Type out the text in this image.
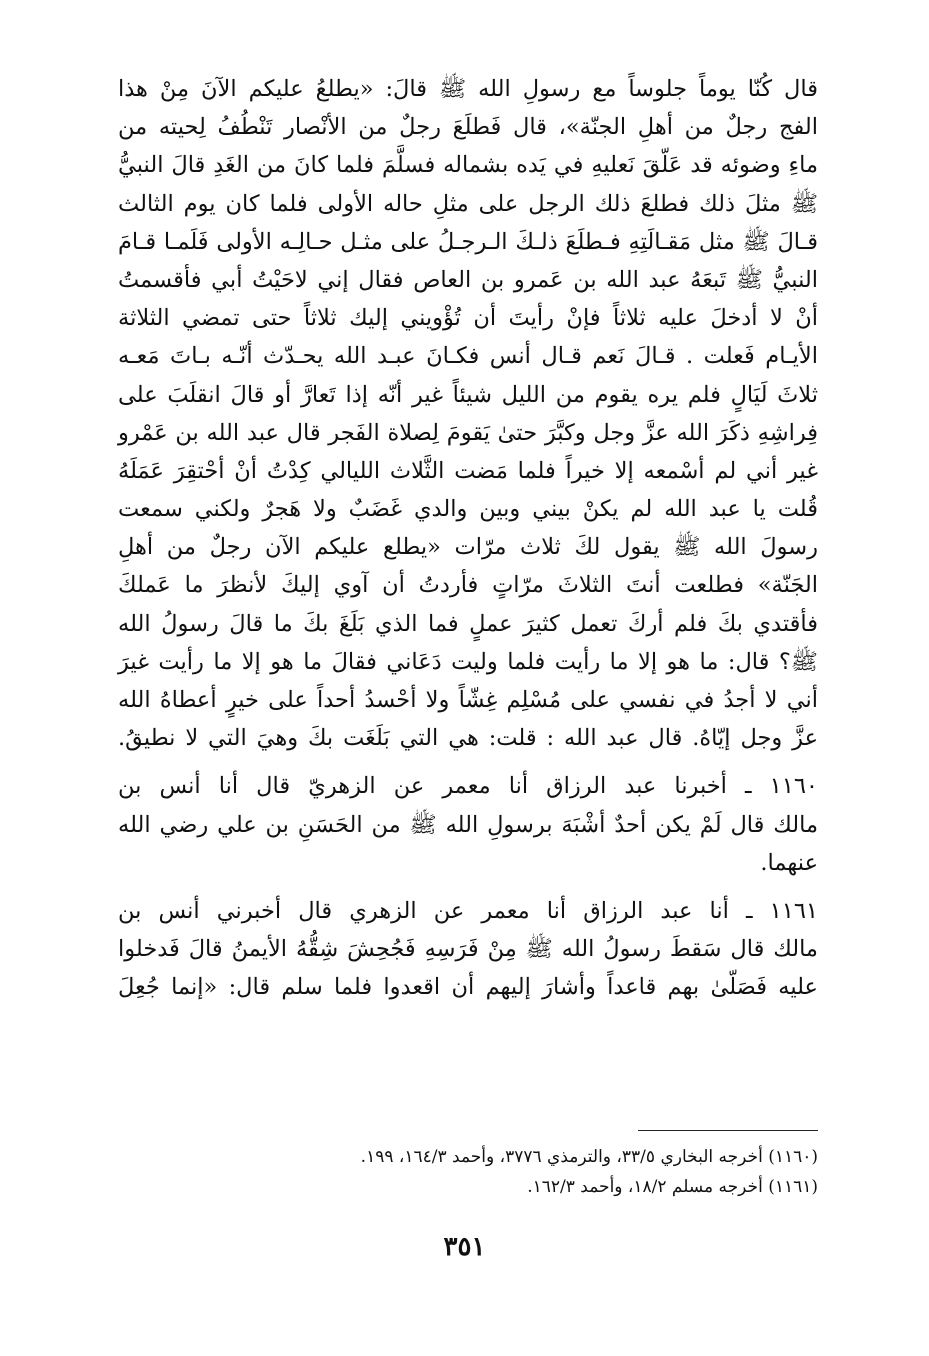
قال كُنّا يوماً جلوساً مع رسولِ الله ﷺ قالَ: «يطلعُ عليكم الآنَ مِنْ هذا
الفج رجلٌ من أهلِ الجنّة»، قال فَطلَعَ رجلٌ من الأنْصار تَنْطُفُ لِحيته من
ماءِ وضوئه قد عَلّقَ نَعليهِ في يَده بشماله فسلَّمَ فلما كانَ من الغَدِ قالَ النبيُّ
ﷺ مثلَ ذلك فطلعَ ذلك الرجل على مثلِ حاله الأولى فلما كان يوم الثالث
قـالَ ﷺ مثل مَقـالَتِهِ فـطلَعَ ذلـكَ الـرجـلُ على مثـل حـالِـه الأولى فَلَمـا قـامَ
النبيُّ ﷺ تَبعَهُ عبد الله بن عَمرو بن العاص فقال إني لاحَيْتُ أبي فأقسمتُ
أنْ لا أدخلَ عليه ثلاثاً فإنْ رأيتَ أن تُؤْويني إليك ثلاثاً حتى تمضي الثلاثة
الأيـام فَعلت . قـالَ نَعم قـال أنس فكـانَ عبـد الله يحـدّث أنّـه بـاتَ مَعـه
ثلاثَ لَيَالٍ فلم يره يقوم من الليل شيئاً غير أنّه إذا تَعارَّ أو قالَ انقلَبَ على
فِراشِهِ ذكَرَ الله عزَّ وجل وكبَّرَ حتىٰ يَقومَ لِصلاة الفَجر قال عبد الله بن عَمْرو
غير أني لم أسْمعه إلا خيراً فلما مَضت الثَّلاث الليالي كِدْتُ أنْ أحْتقِرَ عَمَلَهُ
قُلت يا عبد الله لم يكنْ بيني وبين والدي غَضَبٌ ولا هَجرٌ ولكني سمعت
رسولَ الله ﷺ يقول لكَ ثلاث مرّات «يطلع عليكم الآن رجلٌ من أهلِ
الجَنّة» فطلعت أنتَ الثلاثَ مرّاتٍ فأردتُ أن آوي إليكَ لأنظرَ ما عَملكَ
فأقتدي بكَ فلم أركَ تعمل كثيرَ عملٍ فما الذي بَلَغَ بكَ ما قالَ رسولُ الله
ﷺ؟ قال: ما هو إلا ما رأيت فلما وليت دَعَاني فقالَ ما هو إلا ما رأيت غيرَ
أني لا أجدُ في نفسي على مُسْلِم غِشّاً ولا أحْسدُ أحداً على خيرٍ أعطاهُ الله
عزَّ وجل إيّاهُ. قال عبد الله : قلت: هي التي بَلَغَت بكَ وهيَ التي لا نطيقُ.
١١٦٠ ـ أخبرنا عبد الرزاق أنا معمر عن الزهريّ قال أنا أنس بن
مالك قال لَمْ يكن أحدٌ أشْبَهَ برسولِ الله ﷺ من الحَسَنِ بن علي رضي الله
عنهما.
١١٦١ ـ أنا عبد الرزاق أنا معمر عن الزهري قال أخبرني أنس بن
مالك قال سَقطَ رسولُ الله ﷺ مِنْ فَرَسِهِ فَجُحِشَ شِقُّهُ الأيمنُ قالَ فَدخلوا
عليه فَصَلّىٰ بهم قاعداً وأشارَ إليهم أن اقعدوا فلما سلم قال: «إنما جُعِلَ
(١١٦٠) أخرجه البخاري ٣٣/٥، والترمذي ٣٧٧٦، وأحمد ١٦٤/٣، ١٩٩.
(١١٦١) أخرجه مسلم ١٨/٢، وأحمد ١٦٢/٣.
٣٥١
